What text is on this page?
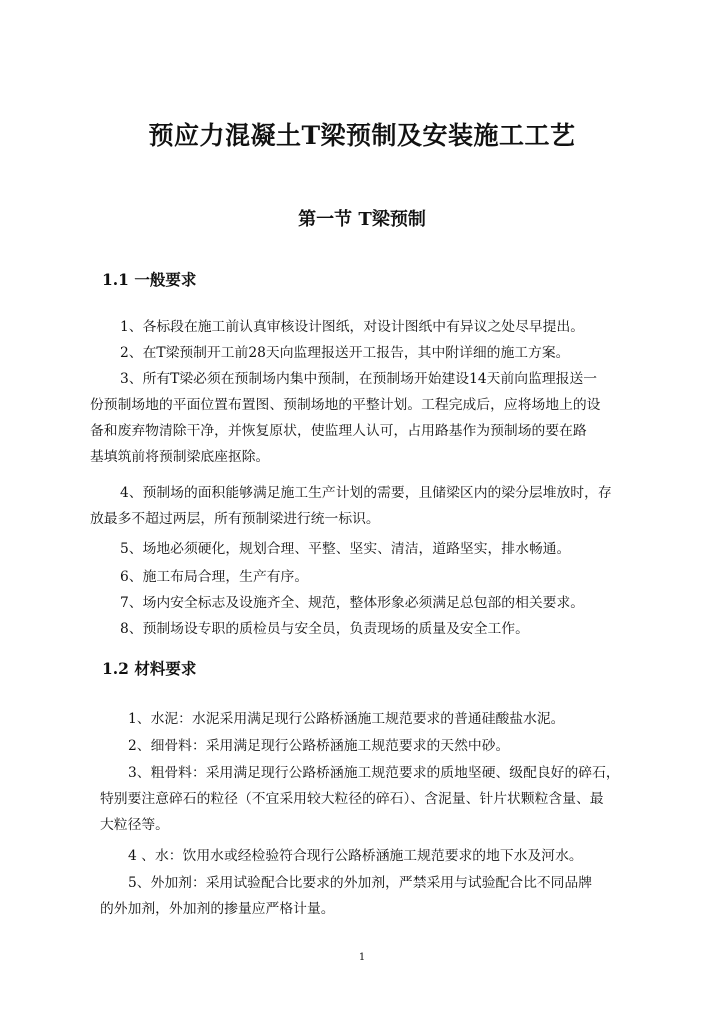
预应力混凝土T梁预制及安装施工工艺
第一节 T梁预制
1.1 一般要求

1、各标段在施工前认真审核设计图纸，对设计图纸中有异议之处尽早提出。

2、在T梁预制开工前28天向监理报送开工报告，其中附详细的施工方案。

3、所有T梁必须在预制场内集中预制，在预制场开始建设14天前向监理报送一
份预制场地的平面位置布置图、预制场地的平整计划。工程完成后，应将场地上的设
备和废弃物清除干净，并恢复原状，使监理人认可，占用路基作为预制场的要在路
基填筑前将预制梁底座抠除。

4、预制场的面积能够满足施工生产计划的需要，且储梁区内的梁分层堆放时，存
放最多不超过两层，所有预制梁进行统一标识。

5、场地必须硬化，规划合理、平整、坚实、清洁，道路坚实，排水畅通。

6、施工布局合理，生产有序。

7、场内安全标志及设施齐全、规范，整体形象必须满足总包部的相关要求。

8、预制场设专职的质检员与安全员，负责现场的质量及安全工作。

1.2 材料要求

1、水泥：水泥采用满足现行公路桥涵施工规范要求的普通硅酸盐水泥。

2、细骨料：采用满足现行公路桥涵施工规范要求的天然中砂。

3、粗骨料：采用满足现行公路桥涵施工规范要求的质地坚硬、级配良好的碎石，
特别要注意碎石的粒径（不宜采用较大粒径的碎石）、含泥量、针片状颗粒含量、最
大粒径等。

4 、水：饮用水或经检验符合现行公路桥涵施工规范要求的地下水及河水。

5、外加剂：采用试验配合比要求的外加剂，严禁采用与试验配合比不同品牌
的外加剂，外加剂的掺量应严格计量。

1
